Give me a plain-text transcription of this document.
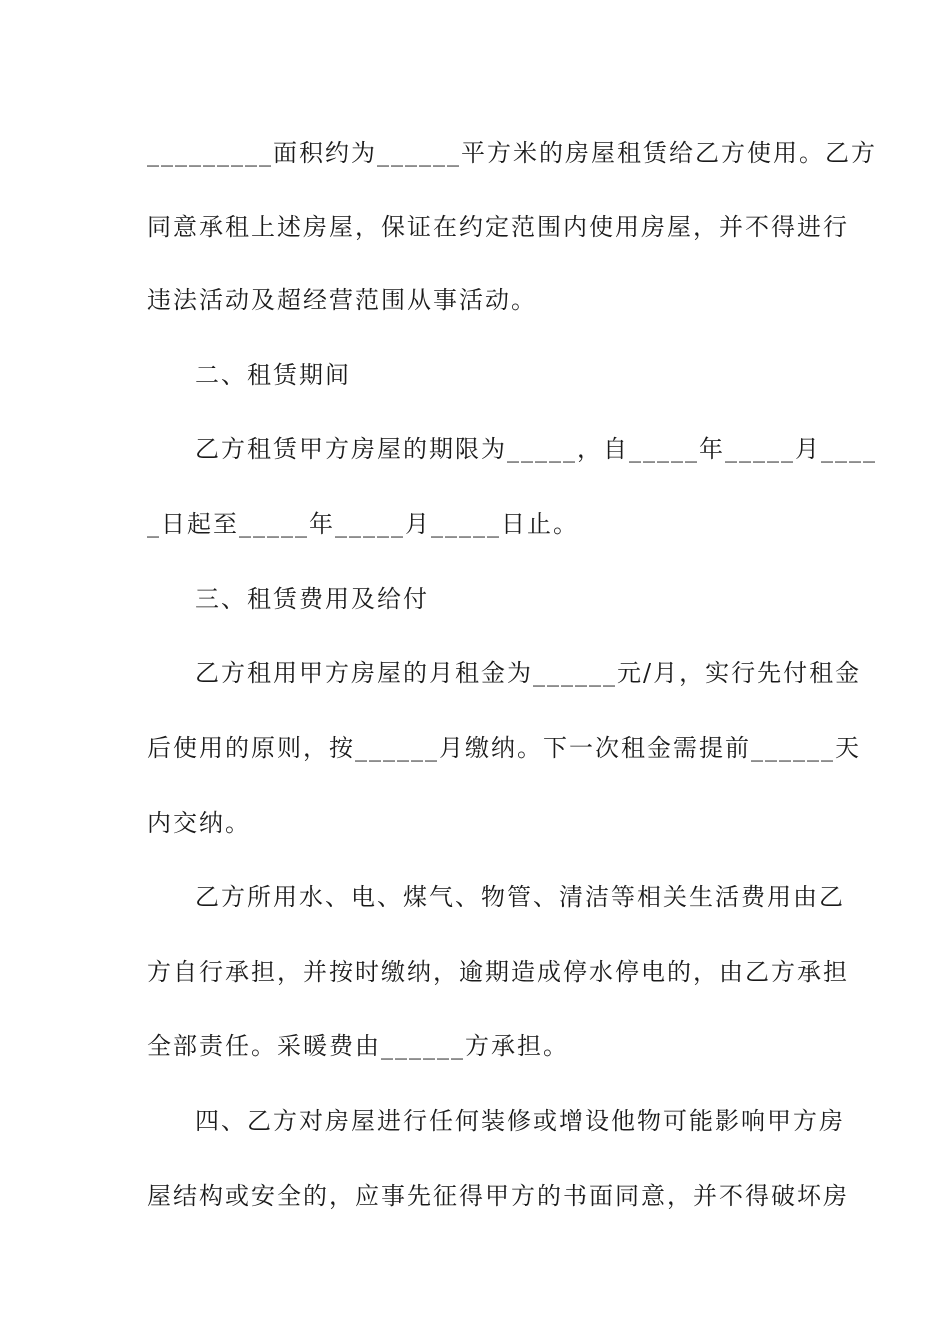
_________面积约为______平方米的房屋租赁给乙方使用。乙方
同意承租上述房屋，保证在约定范围内使用房屋，并不得进行
违法活动及超经营范围从事活动。
二、租赁期间
乙方租赁甲方房屋的期限为_____，自_____年_____月____
_日起至_____年_____月_____日止。
三、租赁费用及给付
乙方租用甲方房屋的月租金为______元/月，实行先付租金
后使用的原则，按______月缴纳。下一次租金需提前______天
内交纳。
乙方所用水、电、煤气、物管、清洁等相关生活费用由乙
方自行承担，并按时缴纳，逾期造成停水停电的，由乙方承担
全部责任。采暖费由______方承担。
四、乙方对房屋进行任何装修或增设他物可能影响甲方房
屋结构或安全的，应事先征得甲方的书面同意，并不得破坏房
